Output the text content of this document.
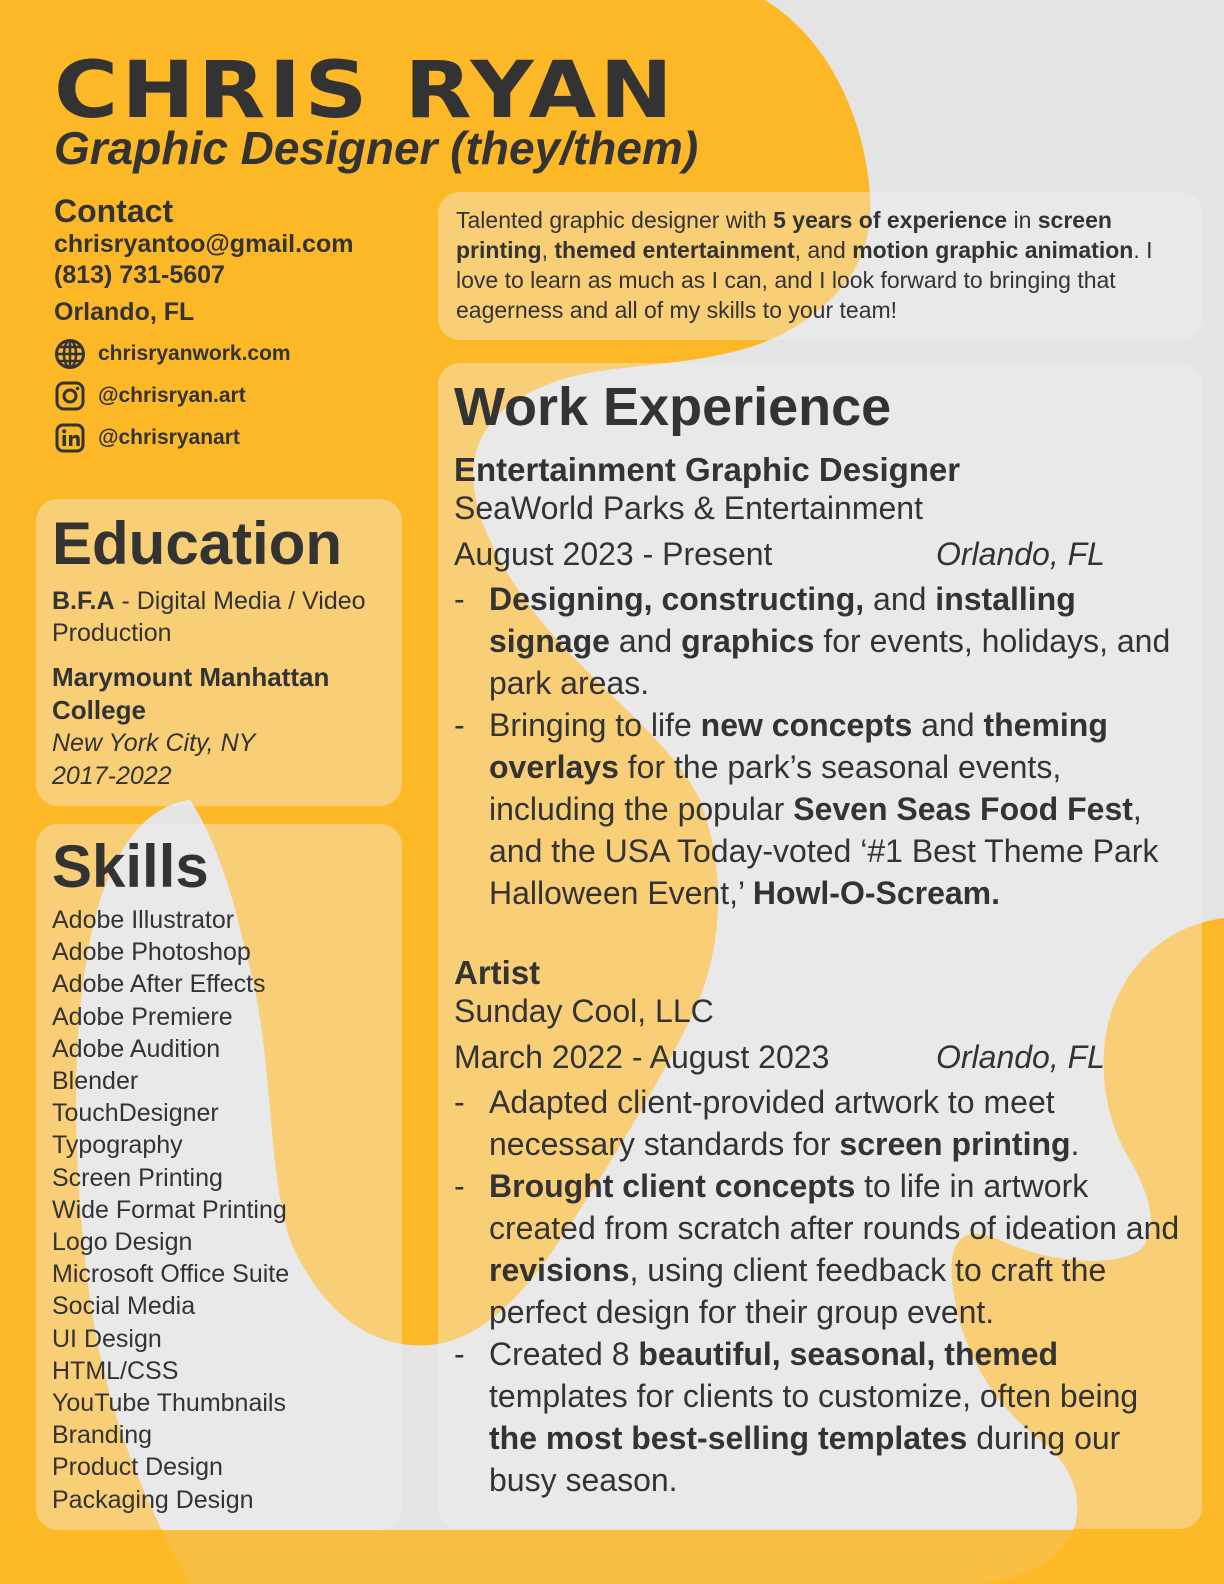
CHRIS RYAN
Graphic Designer (they/them)
Contact
chrisryantoo@gmail.com
(813) 731-5607
Orlando, FL
chrisryanwork.com
@chrisryan.art
@chrisryanart

Talented graphic designer with 5 years of experience in screen printing, themed entertainment, and motion graphic animation. I love to learn as much as I can, and I look forward to bringing that eagerness and all of my skills to your team!

Education
B.F.A - Digital Media / Video Production
Marymount Manhattan College
New York City, NY
2017-2022
Skills
Adobe Illustrator
Adobe Photoshop
Adobe After Effects
Adobe Premiere
Adobe Audition
Blender
TouchDesigner
Typography
Screen Printing
Wide Format Printing
Logo Design
Microsoft Office Suite
Social Media
UI Design
HTML/CSS
YouTube Thumbnails
Branding
Product Design
Packaging Design
Work Experience
Entertainment Graphic Designer
SeaWorld Parks & Entertainment
August 2023 - Present	Orlando, FL
- Designing, constructing, and installing signage and graphics for events, holidays, and park areas.
- Bringing to life new concepts and theming overlays for the park’s seasonal events, including the popular Seven Seas Food Fest, and the USA Today-voted ‘#1 Best Theme Park Halloween Event,’ Howl-O-Scream.
Artist
Sunday Cool, LLC
March 2022 - August 2023	Orlando, FL
- Adapted client-provided artwork to meet necessary standards for screen printing.
- Brought client concepts to life in artwork created from scratch after rounds of ideation and revisions, using client feedback to craft the perfect design for their group event.
- Created 8 beautiful, seasonal, themed templates for clients to customize, often being the most best-selling templates during our busy season.
